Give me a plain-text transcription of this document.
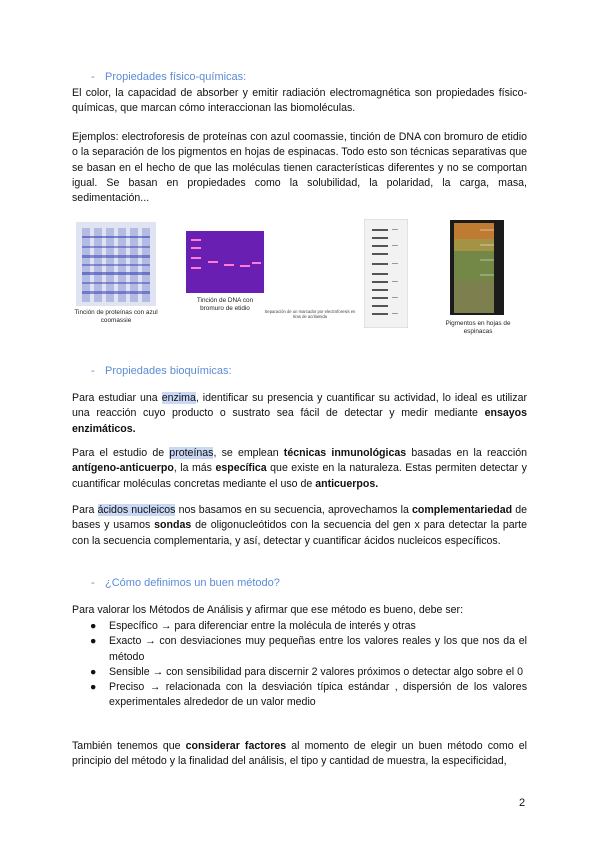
- Propiedades físico-químicas:
El color, la capacidad de absorber y emitir radiación electromagnética son propiedades físico-químicas, que marcan cómo interaccionan las biomoléculas.
Ejemplos: electroforesis de proteínas con azul coomassie, tinción de DNA con bromuro de etidio o la separación de los pigmentos en hojas de espinacas. Todo esto son técnicas separativas que se basan en el hecho de que las moléculas tienen características diferentes y no se comportan igual. Se basan en propiedades como la solubilidad, la polaridad, la carga, masa, sedimentación...
Tinción de proteínas con azul coomassie
Tinción de DNA con bromuro de etidio	Separación de un marcador por electroforesis en tiras de acrilamida
Pigmentos en hojas de espinacas
- Propiedades bioquímicas:
Para estudiar una enzima, identificar su presencia y cuantificar su actividad, lo ideal es utilizar una reacción cuyo producto o sustrato sea fácil de detectar y medir mediante ensayos enzimáticos.
Para el estudio de proteínas, se emplean técnicas inmunológicas basadas en la reacción antígeno-anticuerpo, la más específica que existe en la naturaleza. Estas permiten detectar y cuantificar moléculas concretas mediante el uso de anticuerpos.
Para ácidos nucleicos nos basamos en su secuencia, aprovechamos la complementariedad de bases y usamos sondas de oligonucleótidos con la secuencia del gen x para detectar la parte con la secuencia complementaria, y así, detectar y cuantificar ácidos nucleicos específicos.
- ¿Cómo definimos un buen método?
Para valorar los Métodos de Análisis y afirmar que ese método es bueno, debe ser:
● Específico → para diferenciar entre la molécula de interés y otras
● Exacto → con desviaciones muy pequeñas entre los valores reales y los que nos da el método
● Sensible → con sensibilidad para discernir 2 valores próximos o detectar algo sobre el 0
● Preciso → relacionada con la desviación típica estándar , dispersión de los valores experimentales alrededor de un valor medio
También tenemos que considerar factores al momento de elegir un buen método como el principio del método y la finalidad del análisis, el tipo y cantidad de muestra, la especificidad,
2
